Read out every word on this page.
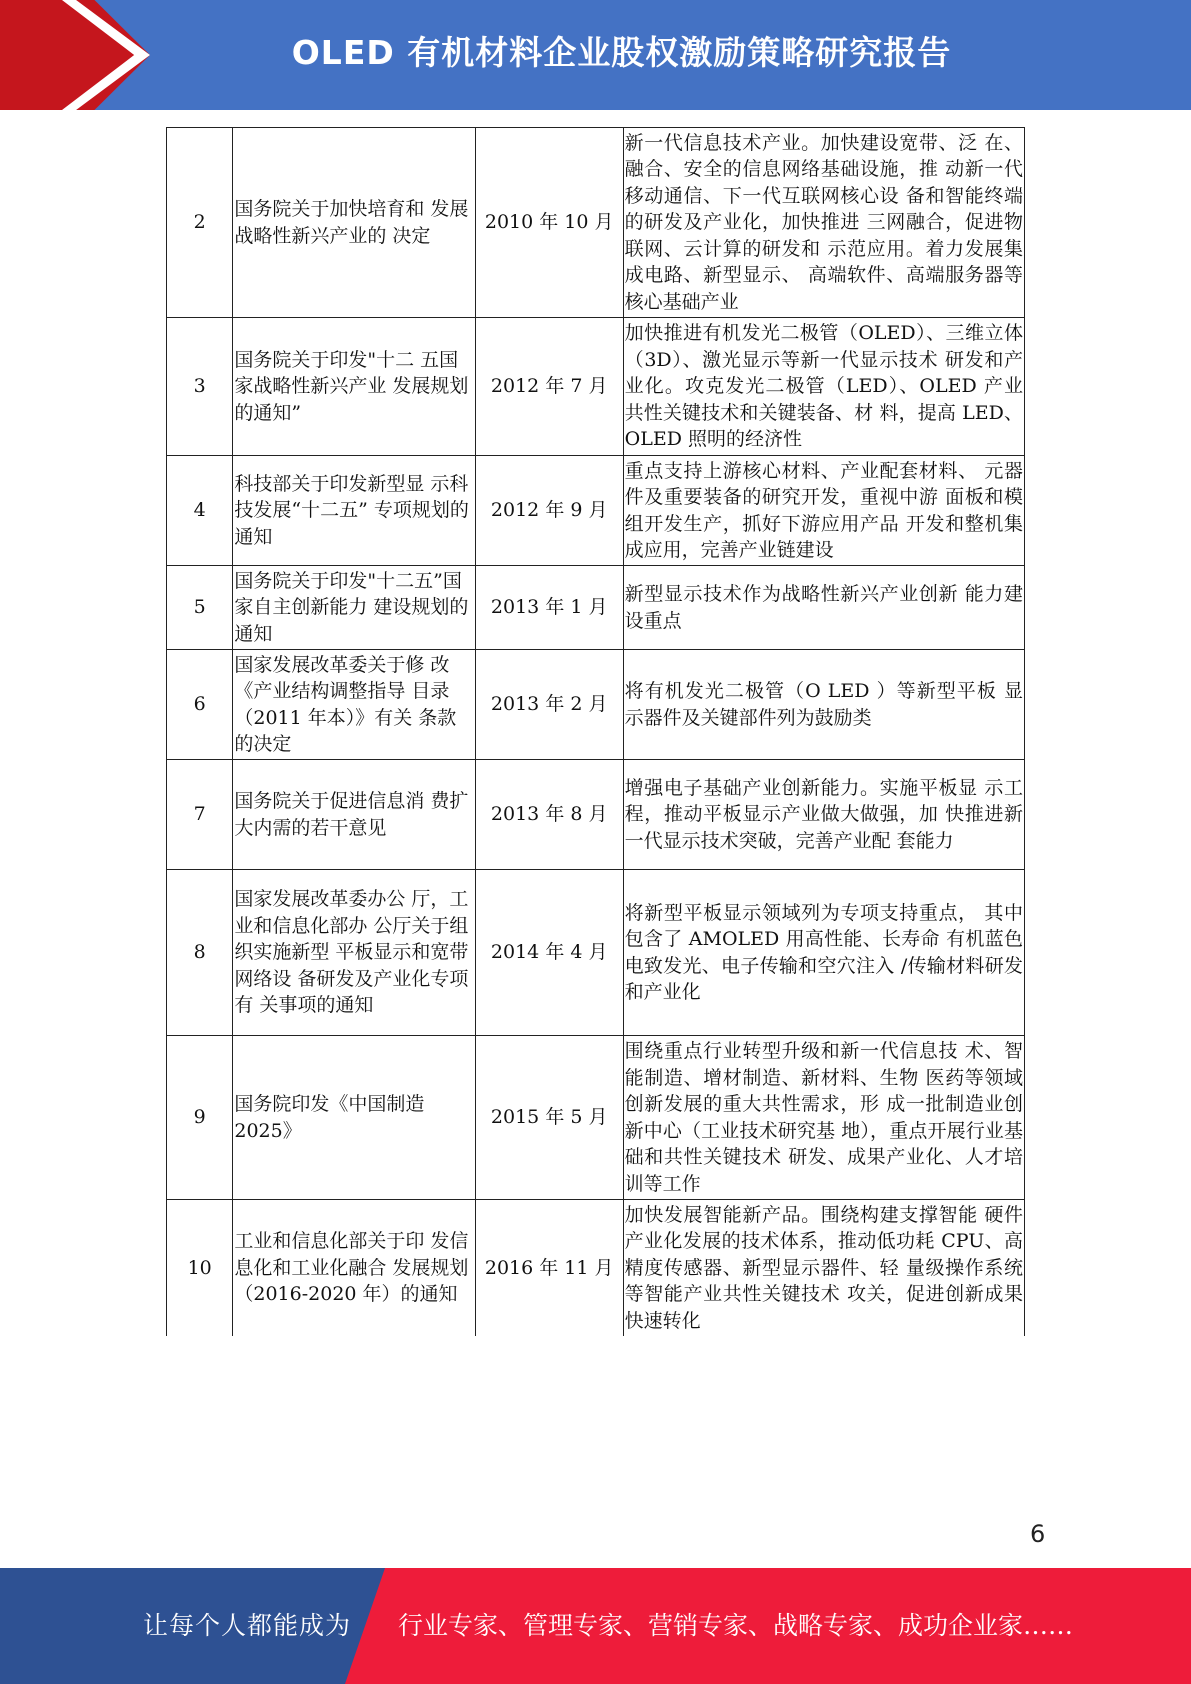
OLED 有机材料企业股权激励策略研究报告
2	国务院关于加快培育和 发展战略性新兴产业的 决定	2010 年 10 月	新一代信息技术产业。加快建设宽带、泛 在、融合、安全的信息网络基础设施，推 动新一代移动通信、下一代互联网核心设 备和智能终端的研发及产业化，加快推进 三网融合，促进物联网、云计算的研发和 示范应用。着力发展集成电路、新型显示、 高端软件、高端服务器等核心基础产业
3	国务院关于印发"十二 五国家战略性新兴产业 发展规划的通知”	2012 年 7 月	加快推进有机发光二极管（OLED）、三维立体（3D）、激光显示等新一代显示技术 研发和产业化。攻克发光二极管（LED）、OLED 产业共性关键技术和关键装备、材 料，提高 LED、OLED 照明的经济性
4	科技部关于印发新型显 示科技发展“十二五” 专项规划的通知	2012 年 9 月	重点支持上游核心材料、产业配套材料、 元器件及重要装备的研究开发，重视中游 面板和模组开发生产，抓好下游应用产品 开发和整机集成应用，完善产业链建设
5	国务院关于印发"十二五”国家自主创新能力 建设规划的通知	2013 年 1 月	新型显示技术作为战略性新兴产业创新 能力建设重点
6	国家发展改革委关于修 改《产业结构调整指导 目录（2011 年本）》有关 条款的决定	2013 年 2 月	将有机发光二极管（O LED ）等新型平板 显示器件及关键部件列为鼓励类
7	国务院关于促进信息消 费扩大内需的若干意见	2013 年 8 月	增强电子基础产业创新能力。实施平板显 示工程，推动平板显示产业做大做强，加 快推进新一代显示技术突破，完善产业配 套能力
8	国家发展改革委办公 厅，工业和信息化部办 公厅关于组织实施新型 平板显示和宽带网络设 备研发及产业化专项有 关事项的通知	2014 年 4 月	将新型平板显示领域列为专项支持重点， 其中包含了 AMOLED 用高性能、长寿命 有机蓝色电致发光、电子传输和空穴注入 /传输材料研发和产业化
9	国务院印发《中国制造 2025》	2015 年 5 月	围绕重点行业转型升级和新一代信息技 术、智能制造、增材制造、新材料、生物 医药等领域创新发展的重大共性需求，形 成一批制造业创新中心（工业技术研究基 地），重点开展行业基础和共性关键技术 研发、成果产业化、人才培训等工作
10	工业和信息化部关于印 发信息化和工业化融合 发展规划（2016-2020 年）的通知	2016 年 11 月	加快发展智能新产品。围绕构建支撑智能 硬件产业化发展的技术体系，推动低功耗 CPU、高精度传感器、新型显示器件、轻 量级操作系统等智能产业共性关键技术 攻关，促进创新成果快速转化
6
让每个人都能成为 行业专家、管理专家、营销专家、战略专家、成功企业家……
